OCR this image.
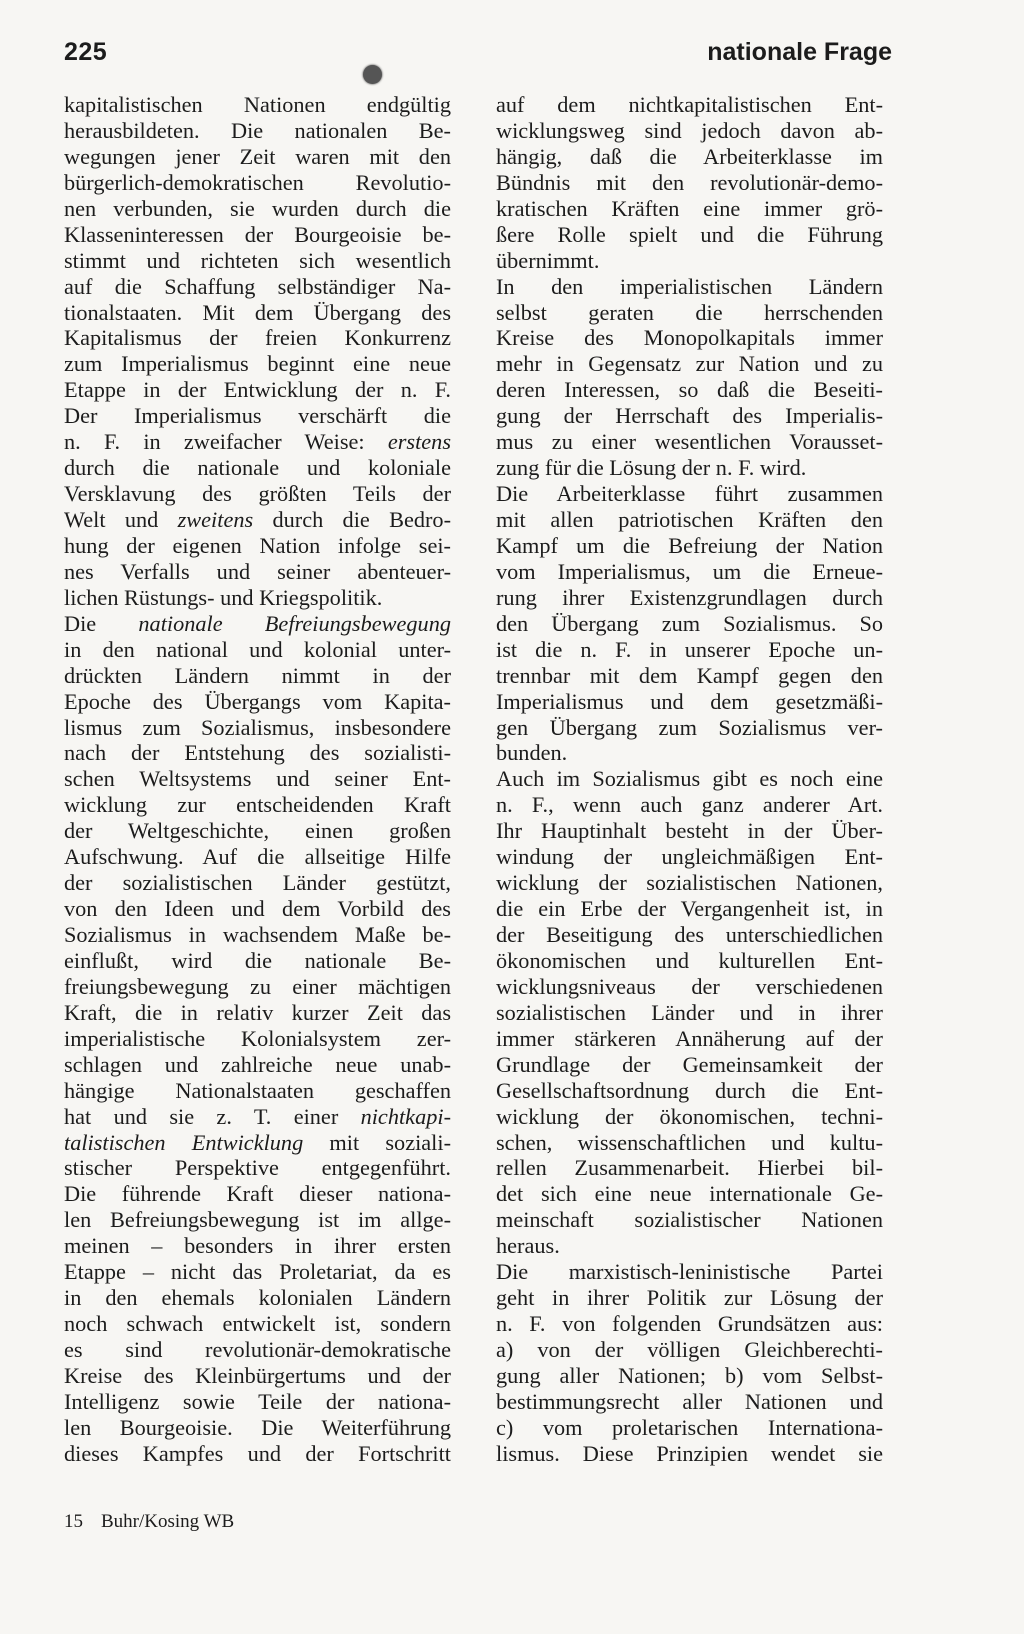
225	nationale Frage

kapitalistischen Nationen endgültig

herausbildeten. Die nationalen Be-

wegungen jener Zeit waren mit den

bürgerlich-demokratischen Revolutio-

nen verbunden, sie wurden durch die

Klasseninteressen der Bourgeoisie be-

stimmt und richteten sich wesentlich

auf die Schaffung selbständiger Na-

tionalstaaten. Mit dem Übergang des

Kapitalismus der freien Konkurrenz

zum Imperialismus beginnt eine neue

Etappe in der Entwicklung der n. F.

Der Imperialismus verschärft die

n. F. in zweifacher Weise: erstens

durch die nationale und koloniale

Versklavung des größten Teils der

Welt und zweitens durch die Bedro-

hung der eigenen Nation infolge sei-

nes Verfalls und seiner abenteuer-

lichen Rüstungs- und Kriegspolitik.

Die nationale Befreiungsbewegung

in den national und kolonial unter-

drückten Ländern nimmt in der

Epoche des Übergangs vom Kapita-

lismus zum Sozialismus, insbesondere

nach der Entstehung des sozialisti-

schen Weltsystems und seiner Ent-

wicklung zur entscheidenden Kraft

der Weltgeschichte, einen großen

Aufschwung. Auf die allseitige Hilfe

der sozialistischen Länder gestützt,

von den Ideen und dem Vorbild des

Sozialismus in wachsendem Maße be-

einflußt, wird die nationale Be-

freiungsbewegung zu einer mächtigen

Kraft, die in relativ kurzer Zeit das

imperialistische Kolonialsystem zer-

schlagen und zahlreiche neue unab-

hängige Nationalstaaten geschaffen

hat und sie z. T. einer nichtkapi-

talistischen Entwicklung mit soziali-

stischer Perspektive entgegenführt.

Die führende Kraft dieser nationa-

len Befreiungsbewegung ist im allge-

meinen – besonders in ihrer ersten

Etappe – nicht das Proletariat, da es

in den ehemals kolonialen Ländern

noch schwach entwickelt ist, sondern

es sind revolutionär-demokratische

Kreise des Kleinbürgertums und der

Intelligenz sowie Teile der nationa-

len Bourgeoisie. Die Weiterführung

dieses Kampfes und der Fortschritt

auf dem nichtkapitalistischen Ent-

wicklungsweg sind jedoch davon ab-

hängig, daß die Arbeiterklasse im

Bündnis mit den revolutionär-demo-

kratischen Kräften eine immer grö-

ßere Rolle spielt und die Führung

übernimmt.

In den imperialistischen Ländern

selbst geraten die herrschenden

Kreise des Monopolkapitals immer

mehr in Gegensatz zur Nation und zu

deren Interessen, so daß die Beseiti-

gung der Herrschaft des Imperialis-

mus zu einer wesentlichen Vorausset-

zung für die Lösung der n. F. wird.

Die Arbeiterklasse führt zusammen

mit allen patriotischen Kräften den

Kampf um die Befreiung der Nation

vom Imperialismus, um die Erneue-

rung ihrer Existenzgrundlagen durch

den Übergang zum Sozialismus. So

ist die n. F. in unserer Epoche un-

trennbar mit dem Kampf gegen den

Imperialismus und dem gesetzmäßi-

gen Übergang zum Sozialismus ver-

bunden.

Auch im Sozialismus gibt es noch eine

n. F., wenn auch ganz anderer Art.

Ihr Hauptinhalt besteht in der Über-

windung der ungleichmäßigen Ent-

wicklung der sozialistischen Nationen,

die ein Erbe der Vergangenheit ist, in

der Beseitigung des unterschiedlichen

ökonomischen und kulturellen Ent-

wicklungsniveaus der verschiedenen

sozialistischen Länder und in ihrer

immer stärkeren Annäherung auf der

Grundlage der Gemeinsamkeit der

Gesellschaftsordnung durch die Ent-

wicklung der ökonomischen, techni-

schen, wissenschaftlichen und kultu-

rellen Zusammenarbeit. Hierbei bil-

det sich eine neue internationale Ge-

meinschaft sozialistischer Nationen

heraus.

Die marxistisch-leninistische Partei

geht in ihrer Politik zur Lösung der

n. F. von folgenden Grundsätzen aus:

a) von der völligen Gleichberechti-

gung aller Nationen; b) vom Selbst-

bestimmungsrecht aller Nationen und

c) vom proletarischen Internationa-

lismus. Diese Prinzipien wendet sie

15 Buhr/Kosing WB
